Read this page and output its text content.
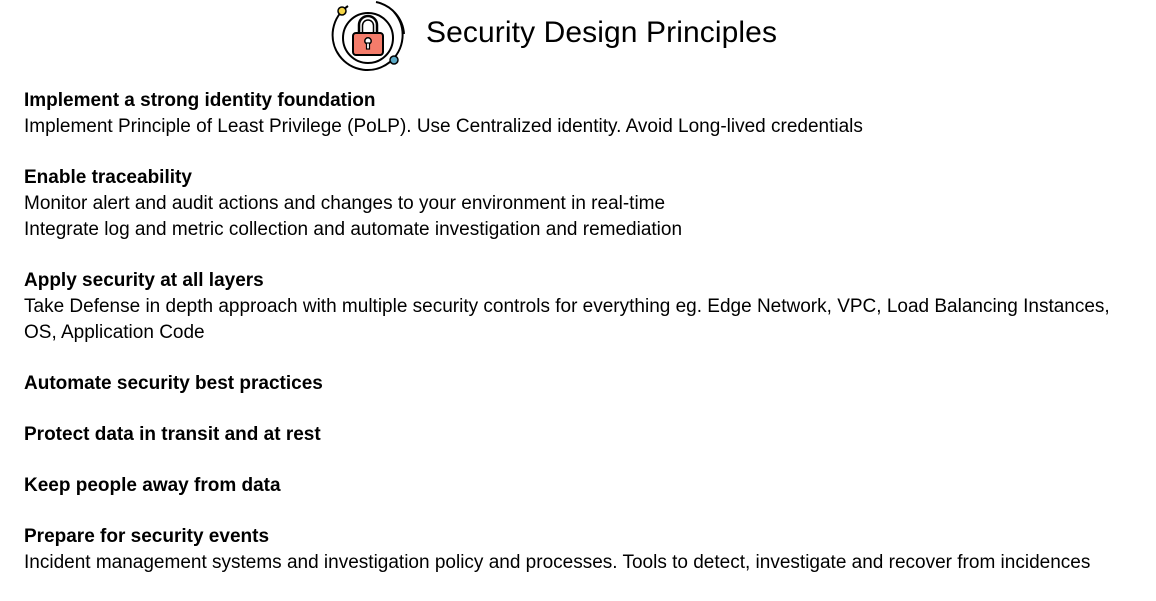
Security Design Principles
Implement a strong identity foundation
Implement Principle of Least Privilege (PoLP). Use Centralized identity. Avoid Long-lived credentials
Enable traceability
Monitor alert and audit actions and changes to your environment in real-time
Integrate log and metric collection and automate investigation and remediation
Apply security at all layers
Take Defense in depth approach with multiple security controls for everything eg. Edge Network, VPC, Load Balancing Instances,
OS, Application Code
Automate security best practices
Protect data in transit and at rest
Keep people away from data
Prepare for security events
Incident management systems and investigation policy and processes. Tools to detect, investigate and recover from incidences
